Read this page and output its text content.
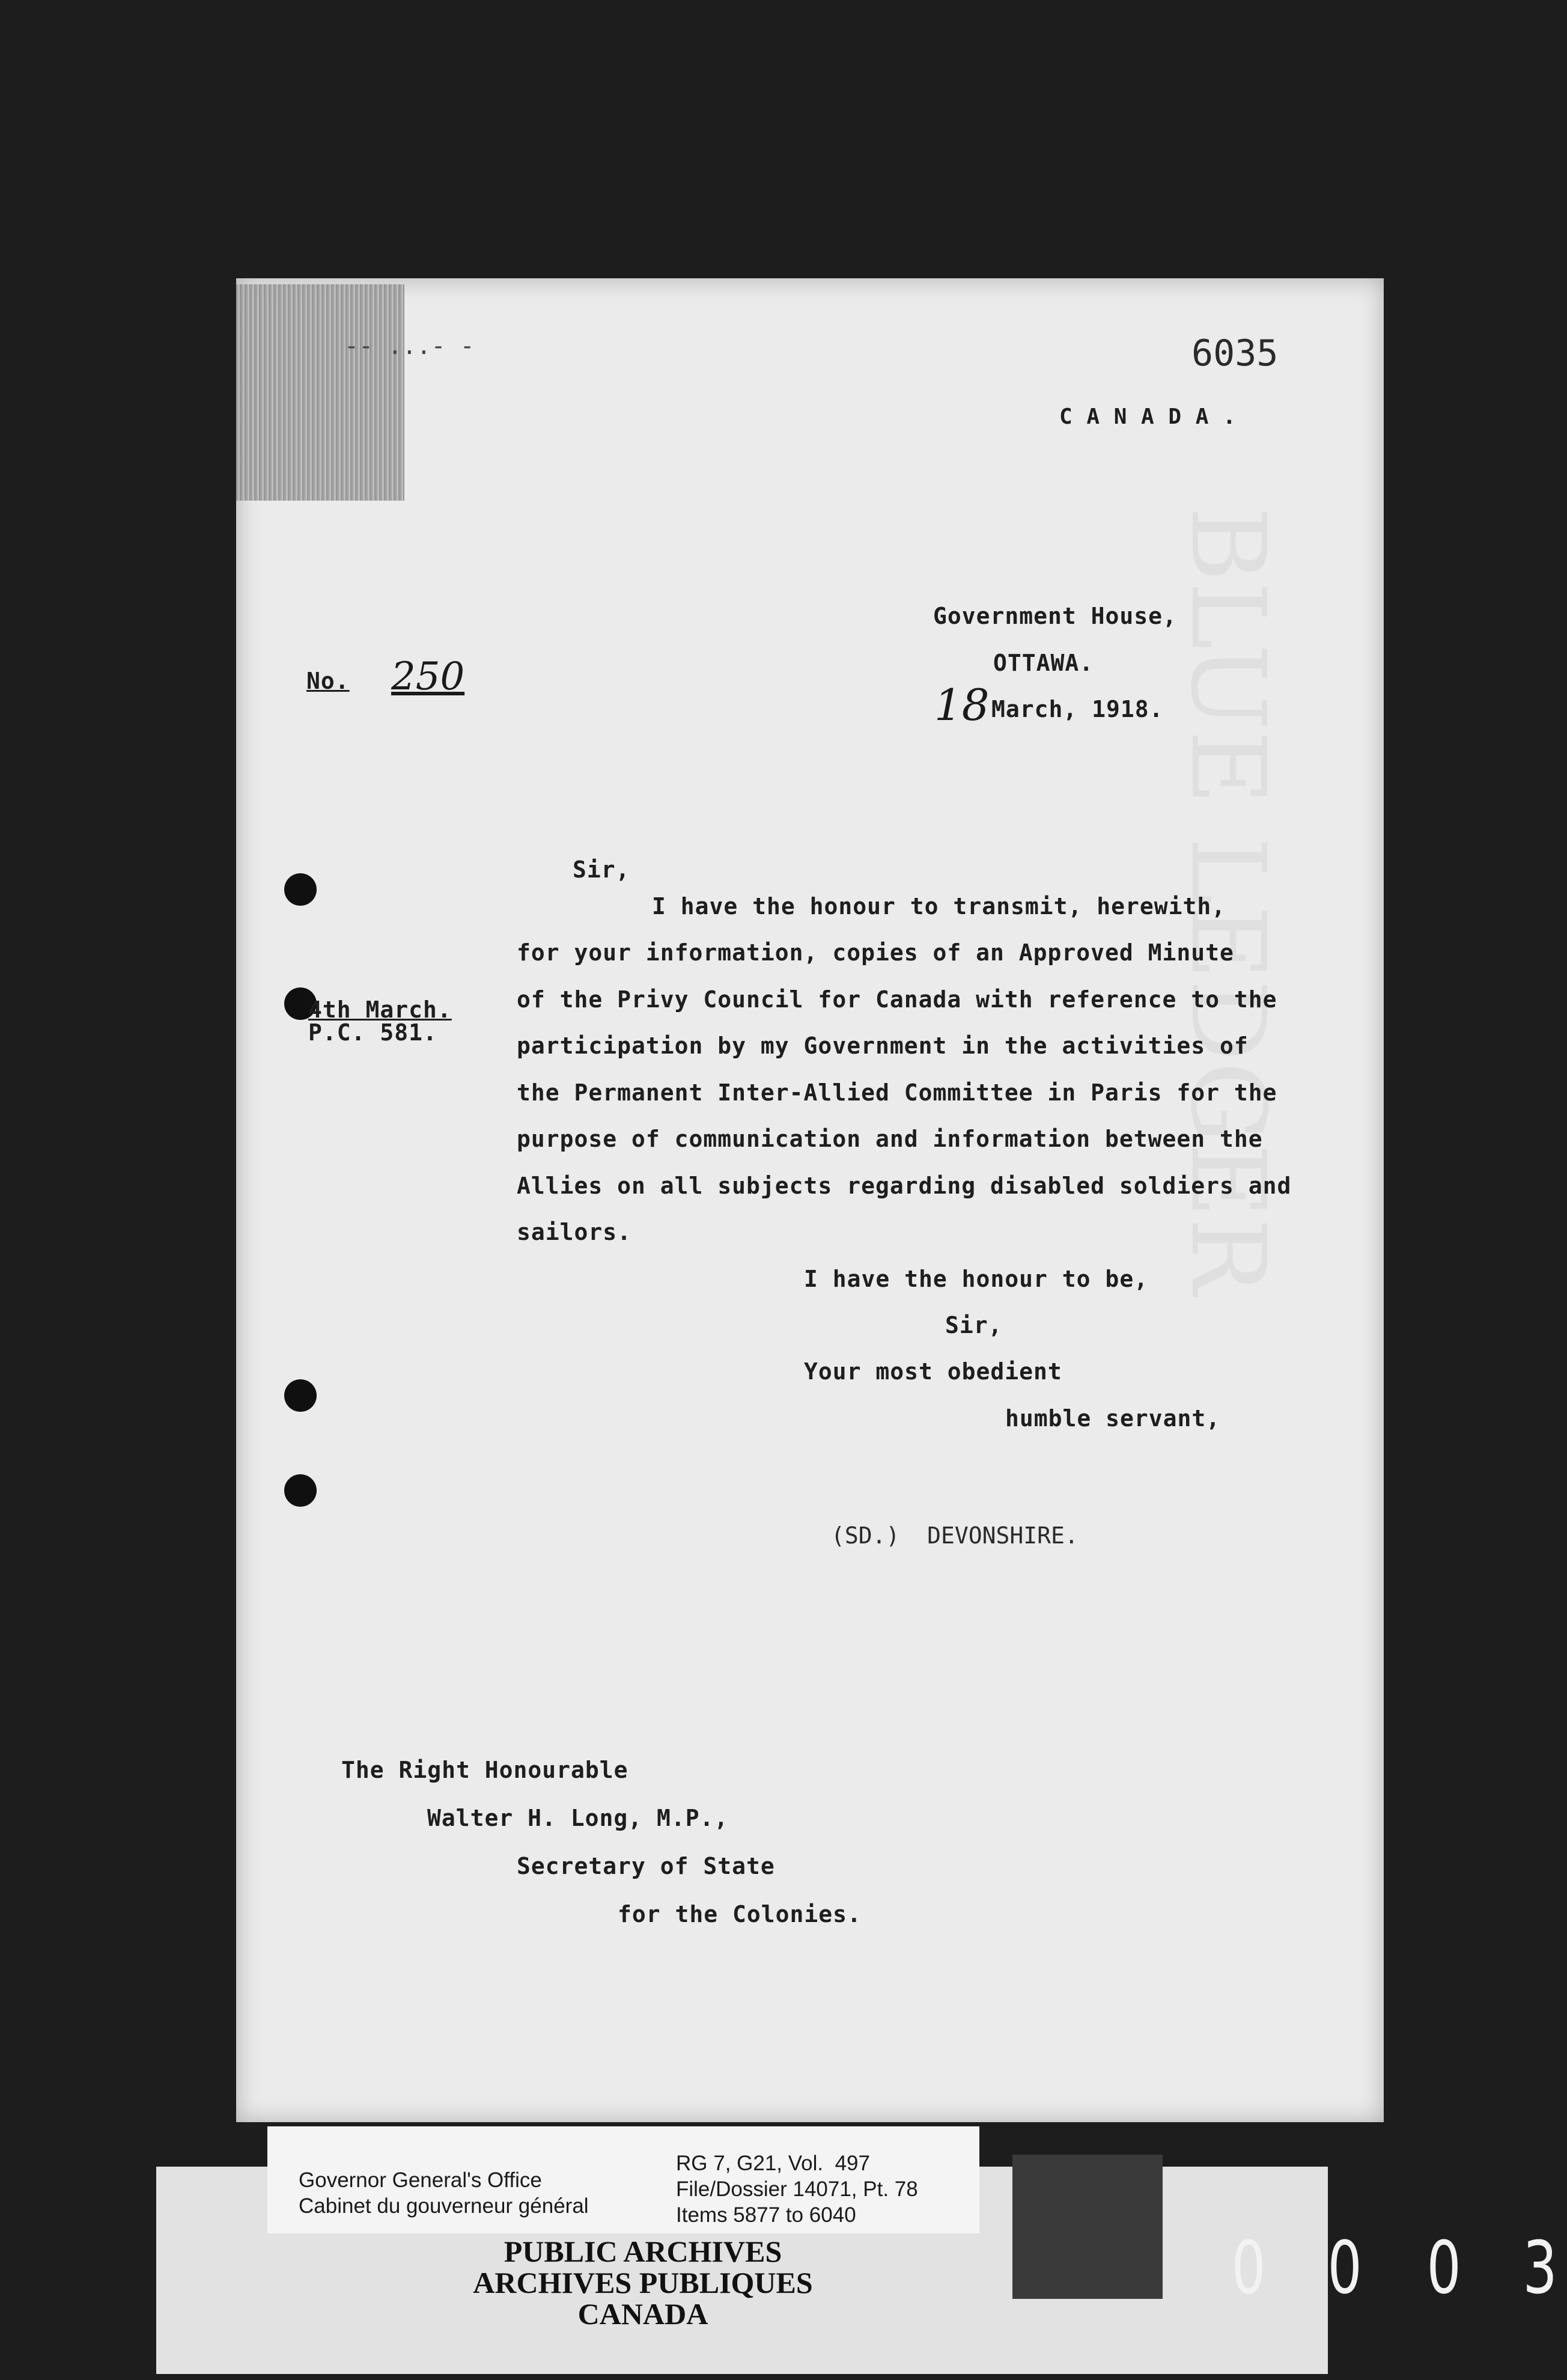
-- ...- -
BLUE LEDGER
6035
C A N A D A .
Government House,
OTTAWA.
18 March, 1918.
No. 250
Sir,
4th March.
P.C. 581.
I have the honour to transmit, herewith,
for your information, copies of an Approved Minute
of the Privy Council for Canada with reference to the
participation by my Government in the activities of
the Permanent Inter-Allied Committee in Paris for the
purpose of communication and information between the
Allies on all subjects regarding disabled soldiers and
sailors.
I have the honour to be,
Sir,
Your most obedient
humble servant,
(SD.)  DEVONSHIRE.
The Right Honourable
Walter H. Long, M.P.,
Secretary of State
for the Colonies.
Governor General's Office
Cabinet du gouverneur général
RG 7, G21, Vol.  497
File/Dossier 14071, Pt. 78
Items 5877 to 6040
PUBLIC ARCHIVES
ARCHIVES PUBLIQUES
CANADA
0 0 0 3
